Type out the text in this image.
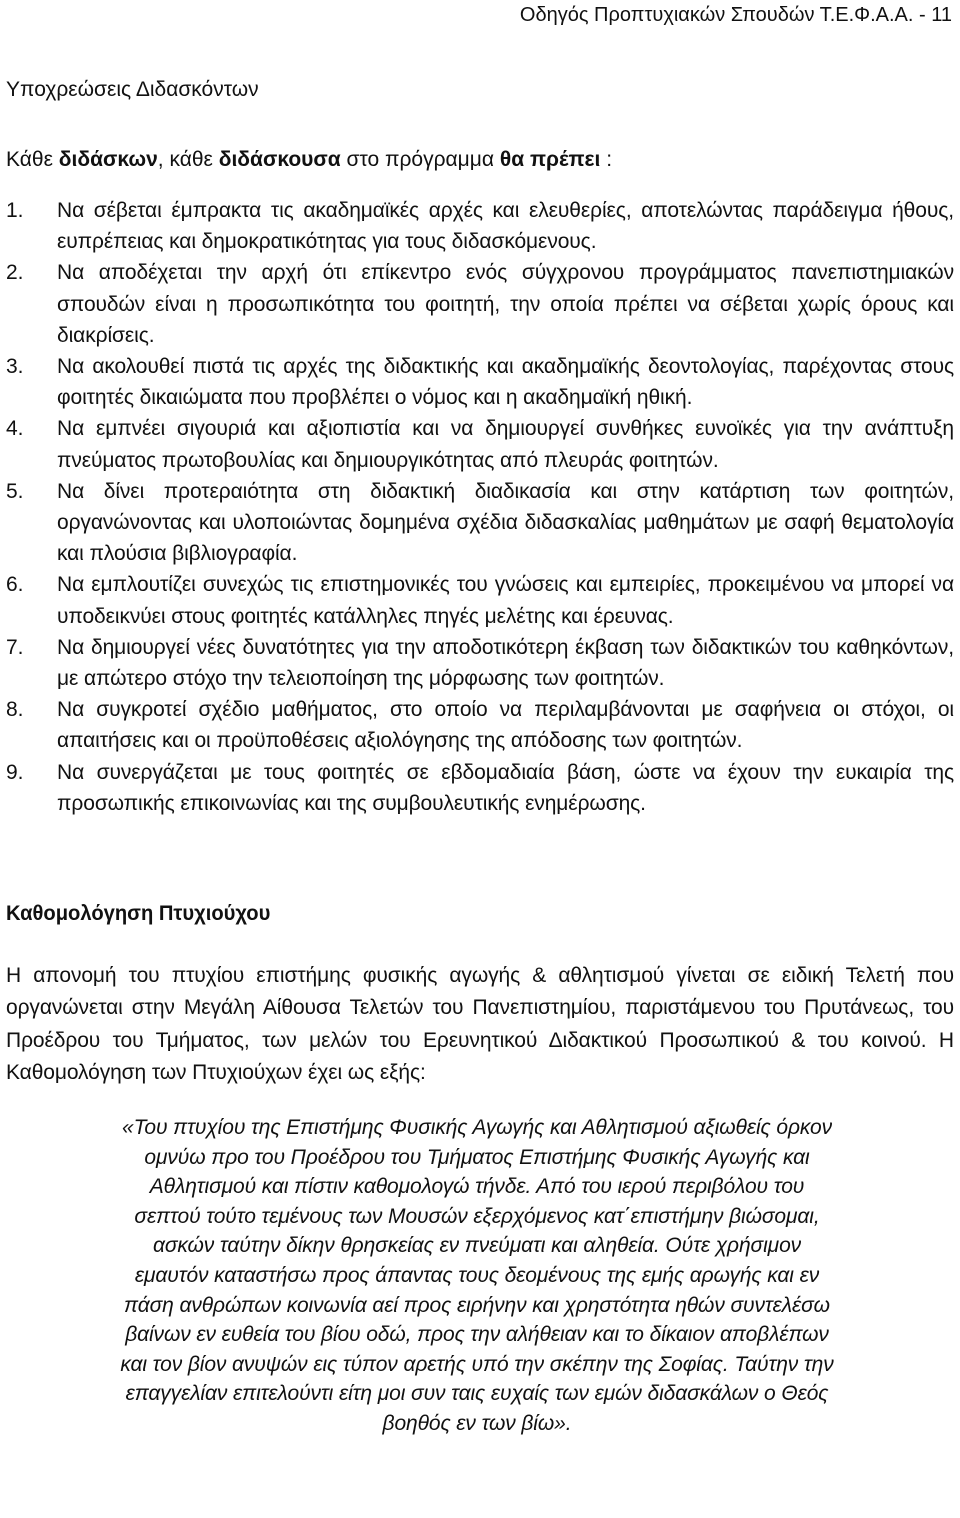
Οδηγός Προπτυχιακών Σπουδών Τ.Ε.Φ.Α.Α. - 11
Υποχρεώσεις Διδασκόντων

Κάθε διδάσκων, κάθε διδάσκουσα στο πρόγραμμα θα πρέπει :

1. Να σέβεται έμπρακτα τις ακαδημαϊκές αρχές και ελευθερίες, αποτελώντας παράδειγμα ήθους, ευπρέπειας και δημοκρατικότητας για τους διδασκόμενους.
2. Να αποδέχεται την αρχή ότι επίκεντρο ενός σύγχρονου προγράμματος πανεπιστημιακών σπουδών είναι η προσωπικότητα του φοιτητή, την οποία πρέπει να σέβεται χωρίς όρους και διακρίσεις.
3. Να ακολουθεί πιστά τις αρχές της διδακτικής και ακαδημαϊκής δεοντολογίας, παρέχοντας στους φοιτητές δικαιώματα που προβλέπει ο νόμος και η ακαδημαϊκή ηθική.
4. Να εμπνέει σιγουριά και αξιοπιστία και να δημιουργεί συνθήκες ευνοϊκές για την ανάπτυξη πνεύματος πρωτοβουλίας και δημιουργικότητας από πλευράς φοιτητών.
5. Να δίνει προτεραιότητα στη διδακτική διαδικασία και στην κατάρτιση των φοιτητών, οργανώνοντας και υλοποιώντας δομημένα σχέδια διδασκαλίας μαθημάτων με σαφή θεματολογία και πλούσια βιβλιογραφία.
6. Να εμπλουτίζει συνεχώς τις επιστημονικές του γνώσεις και εμπειρίες, προκειμένου να μπορεί να υποδεικνύει στους φοιτητές κατάλληλες πηγές μελέτης και έρευνας.
7. Να δημιουργεί νέες δυνατότητες για την αποδοτικότερη έκβαση των διδακτικών του καθηκόντων, με απώτερο στόχο την τελειοποίηση της μόρφωσης των φοιτητών.
8. Να συγκροτεί σχέδιο μαθήματος, στο οποίο να περιλαμβάνονται με σαφήνεια οι στόχοι, οι απαιτήσεις και οι προϋποθέσεις αξιολόγησης της απόδοσης των φοιτητών.
9. Να συνεργάζεται με τους φοιτητές σε εβδομαδιαία βάση, ώστε να έχουν την ευκαιρία της προσωπικής επικοινωνίας και της συμβουλευτικής ενημέρωσης.
Καθομολόγηση Πτυχιούχου

Η απονομή του πτυχίου επιστήμης φυσικής αγωγής & αθλητισμού γίνεται σε ειδική Τελετή που οργανώνεται στην Μεγάλη Αίθουσα Τελετών του Πανεπιστημίου, παριστάμενου του Πρυτάνεως, του Προέδρου του Τμήματος, των μελών του Ερευνητικού Διδακτικού Προσωπικού & του κοινού. Η Καθομολόγηση των Πτυχιούχων έχει ως εξής:

«Του πτυχίου της Επιστήμης Φυσικής Αγωγής και Αθλητισμού αξιωθείς όρκον ομνύω προ του Προέδρου του Τμήματος Επιστήμης Φυσικής Αγωγής και Αθλητισμού και πίστιν καθομολογώ τήνδε. Από του ιερού περιβόλου του σεπτού τούτο τεμένους των Μουσών εξερχόμενος κατ΄επιστήμην βιώσομαι, ασκών ταύτην δίκην θρησκείας εν πνεύματι και αληθεία. Ούτε χρήσιμον εμαυτόν καταστήσω προς άπαντας τους δεομένους της εμής αρωγής και εν πάση ανθρώπων κοινωνία αεί προς ειρήνην και χρηστότητα ηθών συντελέσω βαίνων εν ευθεία του βίου οδώ, προς την αλήθειαν και το δίκαιον αποβλέπων και τον βίον ανυψών εις τύπον αρετής υπό την σκέπην της Σοφίας. Ταύτην την επαγγελίαν επιτελούντι είτη μοι συν ταις ευχαίς των εμών διδασκάλων ο Θεός βοηθός εν των βίω».
